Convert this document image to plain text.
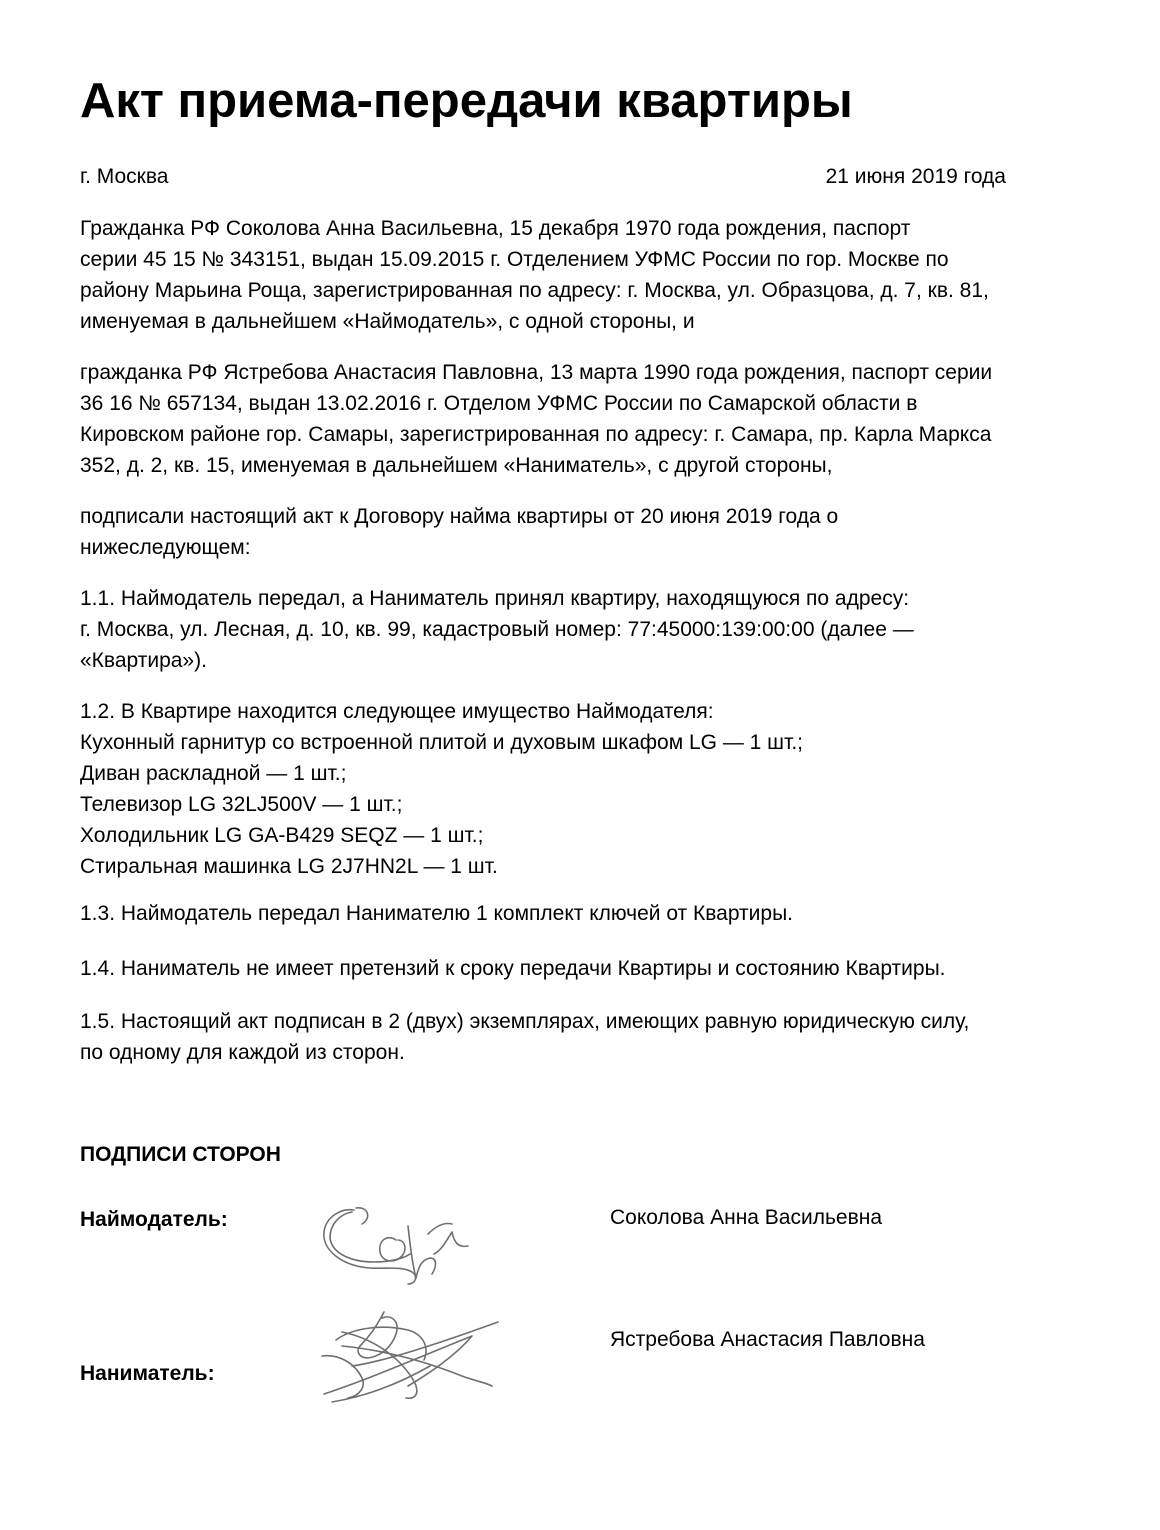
Акт приема-передачи квартиры

г. Москва	21 июня 2019 года

Гражданка РФ Соколова Анна Васильевна, 15 декабря 1970 года рождения, паспорт
серии 45 15 № 343151, выдан 15.09.2015 г. Отделением УФМС России по гор. Москве по
району Марьина Роща, зарегистрированная по адресу: г. Москва, ул. Образцова, д. 7, кв. 81,
именуемая в дальнейшем «Наймодатель», с одной стороны, и

гражданка РФ Ястребова Анастасия Павловна, 13 марта 1990 года рождения, паспорт серии
36 16 № 657134, выдан 13.02.2016 г. Отделом УФМС России по Самарской области в
Кировском районе гор. Самары, зарегистрированная по адресу: г. Самара, пр. Карла Маркса
352, д. 2, кв. 15, именуемая в дальнейшем «Наниматель», с другой стороны,

подписали настоящий акт к Договору найма квартиры от 20 июня 2019 года о
нижеследующем:

1.1. Наймодатель передал, а Наниматель принял квартиру, находящуюся по адресу:
г. Москва, ул. Лесная, д. 10, кв. 99, кадастровый номер: 77:45000:139:00:00 (далее —
«Квартира»).

1.2. В Квартире находится следующее имущество Наймодателя:
Кухонный гарнитур со встроенной плитой и духовым шкафом LG — 1 шт.;
Диван раскладной — 1 шт.;
Телевизор LG 32LJ500V — 1 шт.;
Холодильник LG GA-B429 SEQZ — 1 шт.;
Стиральная машинка LG 2J7HN2L — 1 шт.

1.3. Наймодатель передал Нанимателю 1 комплект ключей от Квартиры.

1.4. Наниматель не имеет претензий к сроку передачи Квартиры и состоянию Квартиры.

1.5. Настоящий акт подписан в 2 (двух) экземплярах, имеющих равную юридическую силу,
по одному для каждой из сторон.

ПОДПИСИ СТОРОН

Наймодатель:	Соколова Анна Васильевна

Ястребова Анастасия Павловна

Наниматель:
